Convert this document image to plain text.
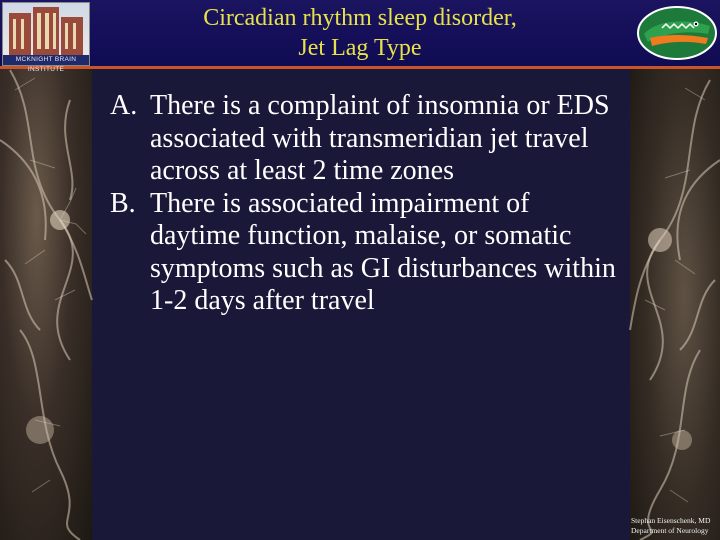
MCKNIGHT BRAIN INSTITUTE
Circadian rhythm sleep disorder,
Jet Lag Type

A. There is a complaint of insomnia or EDS associated with transmeridian jet travel across at least 2 time zones

B. There is associated impairment of daytime function, malaise, or somatic symptoms such as GI disturbances within 1-2 days after travel

Stephan Eisenschenk, MD
Department of Neurology
